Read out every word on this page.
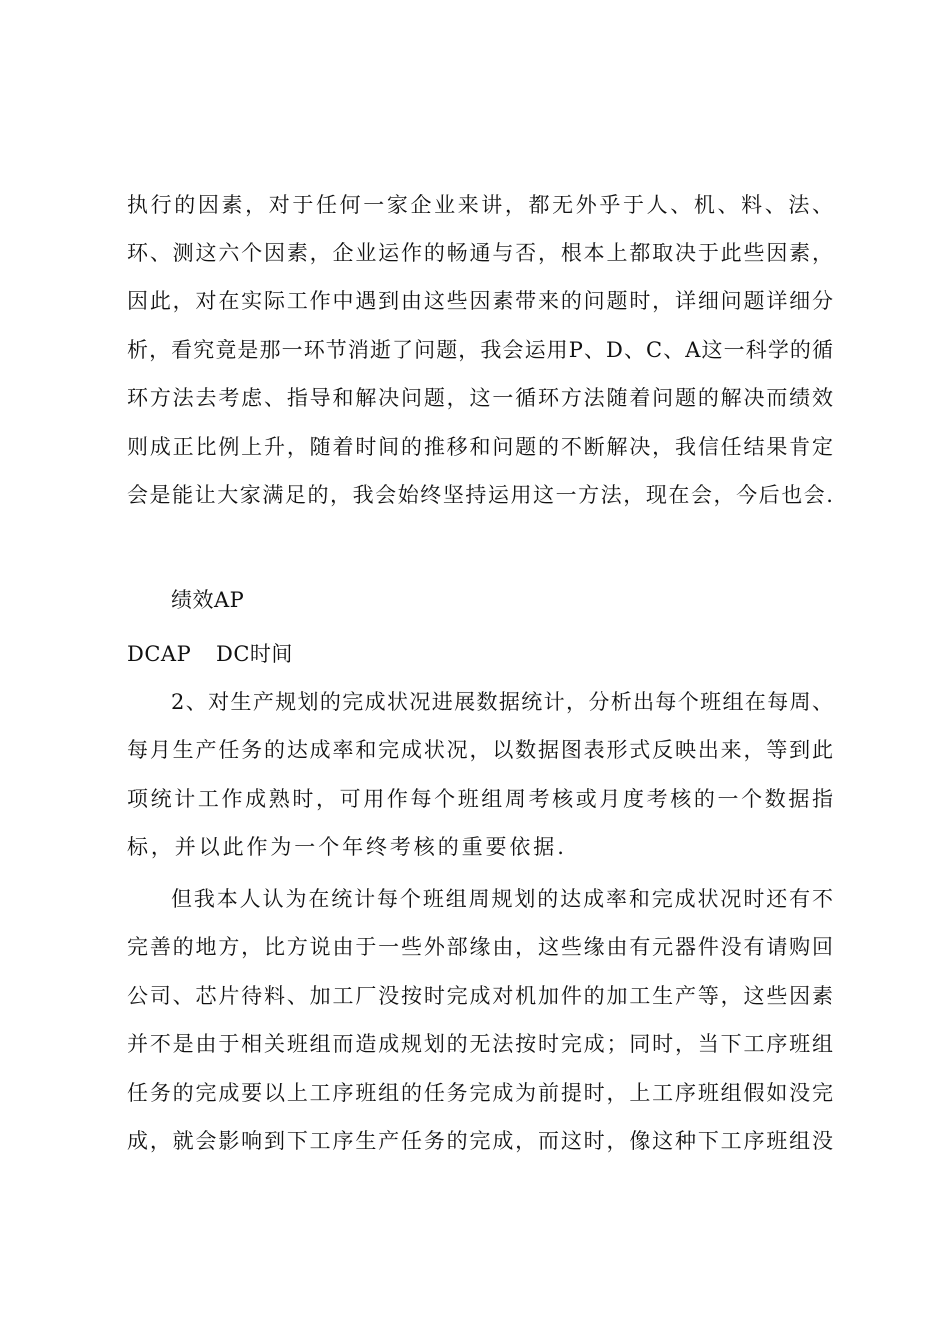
执行的因素，对于任何一家企业来讲，都无外乎于人、机、料、法、
环、测这六个因素，企业运作的畅通与否，根本上都取决于此些因素，
因此，对在实际工作中遇到由这些因素带来的问题时，详细问题详细分
析，看究竟是那一环节消逝了问题，我会运用P、D、C、A这一科学的循
环方法去考虑、指导和解决问题，这一循环方法随着问题的解决而绩效
则成正比例上升，随着时间的推移和问题的不断解决，我信任结果肯定
会是能让大家满足的，我会始终坚持运用这一方法，现在会，今后也会.
绩效AP
DCAP DC时间
2、对生产规划的完成状况进展数据统计，分析出每个班组在每周、
每月生产任务的达成率和完成状况，以数据图表形式反映出来，等到此
项统计工作成熟时，可用作每个班组周考核或月度考核的一个数据指
标，并以此作为一个年终考核的重要依据.
但我本人认为在统计每个班组周规划的达成率和完成状况时还有不
完善的地方，比方说由于一些外部缘由，这些缘由有元器件没有请购回
公司、芯片待料、加工厂没按时完成对机加件的加工生产等，这些因素
并不是由于相关班组而造成规划的无法按时完成；同时，当下工序班组
任务的完成要以上工序班组的任务完成为前提时，上工序班组假如没完
成，就会影响到下工序生产任务的完成，而这时，像这种下工序班组没
